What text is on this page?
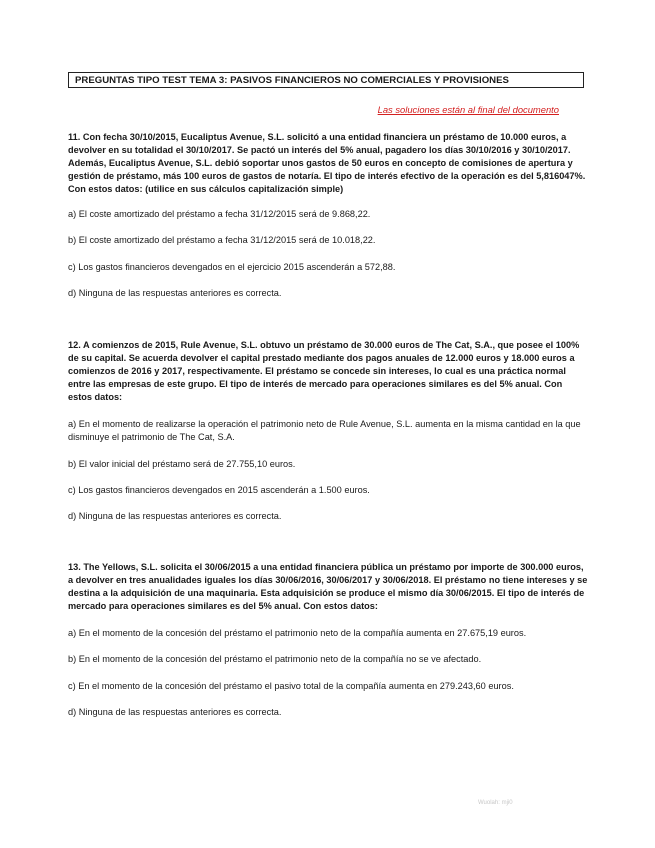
PREGUNTAS TIPO TEST TEMA 3: PASIVOS FINANCIEROS NO COMERCIALES Y PROVISIONES
Las soluciones están al final del documento
11. Con fecha 30/10/2015, Eucaliptus Avenue, S.L. solicitó a una entidad financiera un préstamo de 10.000 euros, a devolver en su totalidad el 30/10/2017. Se pactó un interés del 5% anual, pagadero los días 30/10/2016 y 30/10/2017. Además, Eucaliptus Avenue, S.L. debió soportar unos gastos de 50 euros en concepto de comisiones de apertura y gestión de préstamo, más 100 euros de gastos de notaría. El tipo de interés efectivo de la operación es del 5,816047%. Con estos datos: (utilice en sus cálculos capitalización simple)
a) El coste amortizado del préstamo a fecha 31/12/2015 será de 9.868,22.
b) El coste amortizado del préstamo a fecha 31/12/2015 será de 10.018,22.
c) Los gastos financieros devengados en el ejercicio 2015 ascenderán a 572,88.
d) Ninguna de las respuestas anteriores es correcta.
12. A comienzos de 2015, Rule Avenue, S.L. obtuvo un préstamo de 30.000 euros de The Cat, S.A., que posee el 100% de su capital. Se acuerda devolver el capital prestado mediante dos pagos anuales de 12.000 euros y 18.000 euros a comienzos de 2016 y 2017, respectivamente. El préstamo se concede sin intereses, lo cual es una práctica normal entre las empresas de este grupo. El tipo de interés de mercado para operaciones similares es del 5% anual. Con estos datos:
a) En el momento de realizarse la operación el patrimonio neto de Rule Avenue, S.L. aumenta en la misma cantidad en la que disminuye el patrimonio de The Cat, S.A.
b) El valor inicial del préstamo será de 27.755,10 euros.
c) Los gastos financieros devengados en 2015 ascenderán a 1.500 euros.
d) Ninguna de las respuestas anteriores es correcta.
13. The Yellows, S.L. solicita el 30/06/2015 a una entidad financiera pública un préstamo por importe de 300.000 euros, a devolver en tres anualidades iguales los días 30/06/2016, 30/06/2017 y 30/06/2018. El préstamo no tiene intereses y se destina a la adquisición de una maquinaria. Esta adquisición se produce el mismo día 30/06/2015. El tipo de interés de mercado para operaciones similares es del 5% anual. Con estos datos:
a) En el momento de la concesión del préstamo el patrimonio neto de la compañía aumenta en 27.675,19 euros.
b) En el momento de la concesión del préstamo el patrimonio neto de la compañía no se ve afectado.
c) En el momento de la concesión del préstamo el pasivo total de la compañía aumenta en 279.243,60 euros.
d) Ninguna de las respuestas anteriores es correcta.
Wuolah: mji0
